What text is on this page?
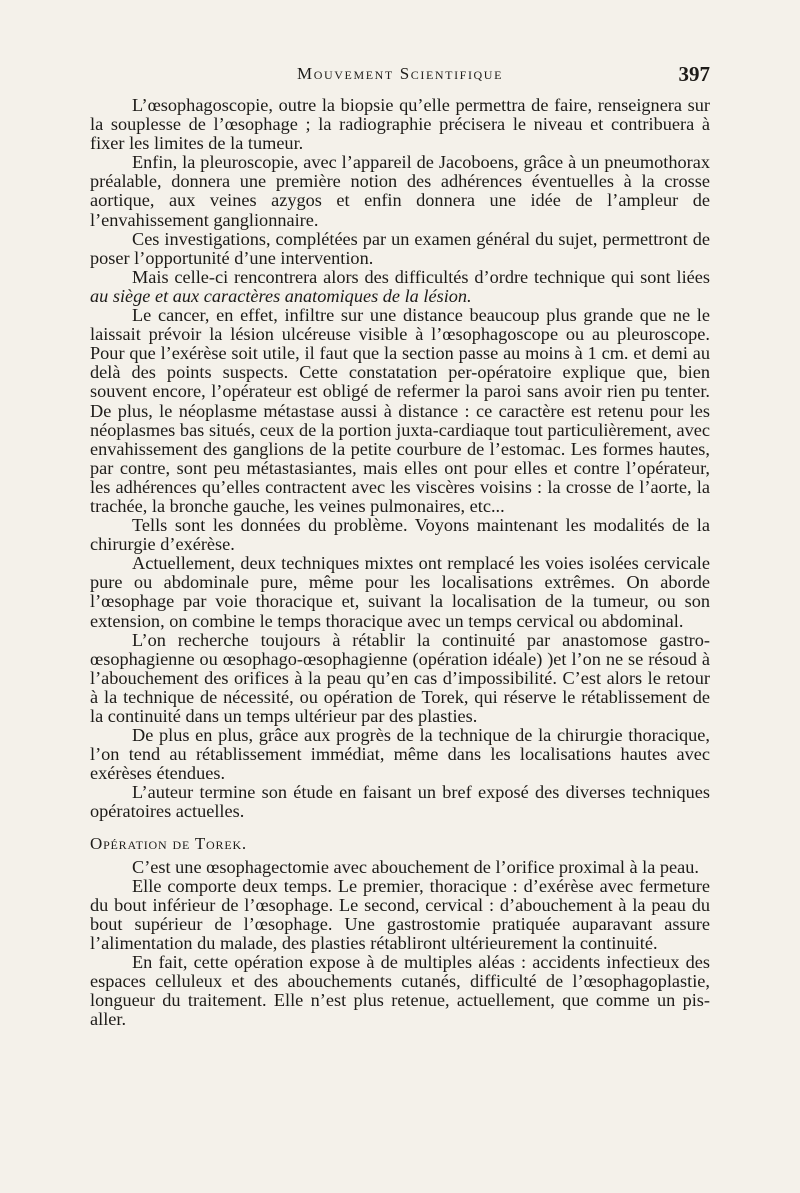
Mouvement Scientifique	397

L’œsophagoscopie, outre la biopsie qu’elle permettra de faire, renseignera sur la souplesse de l’œsophage ; la radiographie précisera le niveau et contribuera à fixer les limites de la tumeur.

Enfin, la pleuroscopie, avec l’appareil de Jacoboens, grâce à un pneumothorax préalable, donnera une première notion des adhérences éventuelles à la crosse aortique, aux veines azygos et enfin donnera une idée de l’ampleur de l’envahissement ganglionnaire.

Ces investigations, complétées par un examen général du sujet, permettront de poser l’opportunité d’une intervention.

Mais celle-ci rencontrera alors des difficultés d’ordre technique qui sont liées au siège et aux caractères anatomiques de la lésion.

Le cancer, en effet, infiltre sur une distance beaucoup plus grande que ne le laissait prévoir la lésion ulcéreuse visible à l’œsophagoscope ou au pleuroscope. Pour que l’exérèse soit utile, il faut que la section passe au moins à 1 cm. et demi au delà des points suspects. Cette constatation per-opératoire explique que, bien souvent encore, l’opérateur est obligé de refermer la paroi sans avoir rien pu tenter. De plus, le néoplasme métastase aussi à distance : ce caractère est retenu pour les néoplasmes bas situés, ceux de la portion juxta-cardiaque tout particulièrement, avec envahissement des ganglions de la petite courbure de l’estomac. Les formes hautes, par contre, sont peu métastasiantes, mais elles ont pour elles et contre l’opérateur, les adhérences qu’elles contractent avec les viscères voisins : la crosse de l’aorte, la trachée, la bronche gauche, les veines pulmonaires, etc...

Tells sont les données du problème. Voyons maintenant les modalités de la chirurgie d’exérèse.

Actuellement, deux techniques mixtes ont remplacé les voies isolées cervicale pure ou abdominale pure, même pour les localisations extrêmes. On aborde l’œsophage par voie thoracique et, suivant la localisation de la tumeur, ou son extension, on combine le temps thoracique avec un temps cervical ou abdominal.

L’on recherche toujours à rétablir la continuité par anastomose gastro-œsophagienne ou œsophago-œsophagienne (opération idéale) )et l’on ne se résoud à l’abouchement des orifices à la peau qu’en cas d’impossibilité. C’est alors le retour à la technique de nécessité, ou opération de Torek, qui réserve le rétablissement de la continuité dans un temps ultérieur par des plasties.

De plus en plus, grâce aux progrès de la technique de la chirurgie thoracique, l’on tend au rétablissement immédiat, même dans les localisations hautes avec exérèses étendues.

L’auteur termine son étude en faisant un bref exposé des diverses techniques opératoires actuelles.

Opération de Torek.

C’est une œsophagectomie avec abouchement de l’orifice proximal à la peau.

Elle comporte deux temps. Le premier, thoracique : d’exérèse avec fermeture du bout inférieur de l’œsophage. Le second, cervical : d’abouchement à la peau du bout supérieur de l’œsophage. Une gastrostomie pratiquée auparavant assure l’alimentation du malade, des plasties rétabliront ultérieurement la continuité.

En fait, cette opération expose à de multiples aléas : accidents infectieux des espaces celluleux et des abouchements cutanés, difficulté de l’œsophagoplastie, longueur du traitement. Elle n’est plus retenue, actuellement, que comme un pis-aller.
